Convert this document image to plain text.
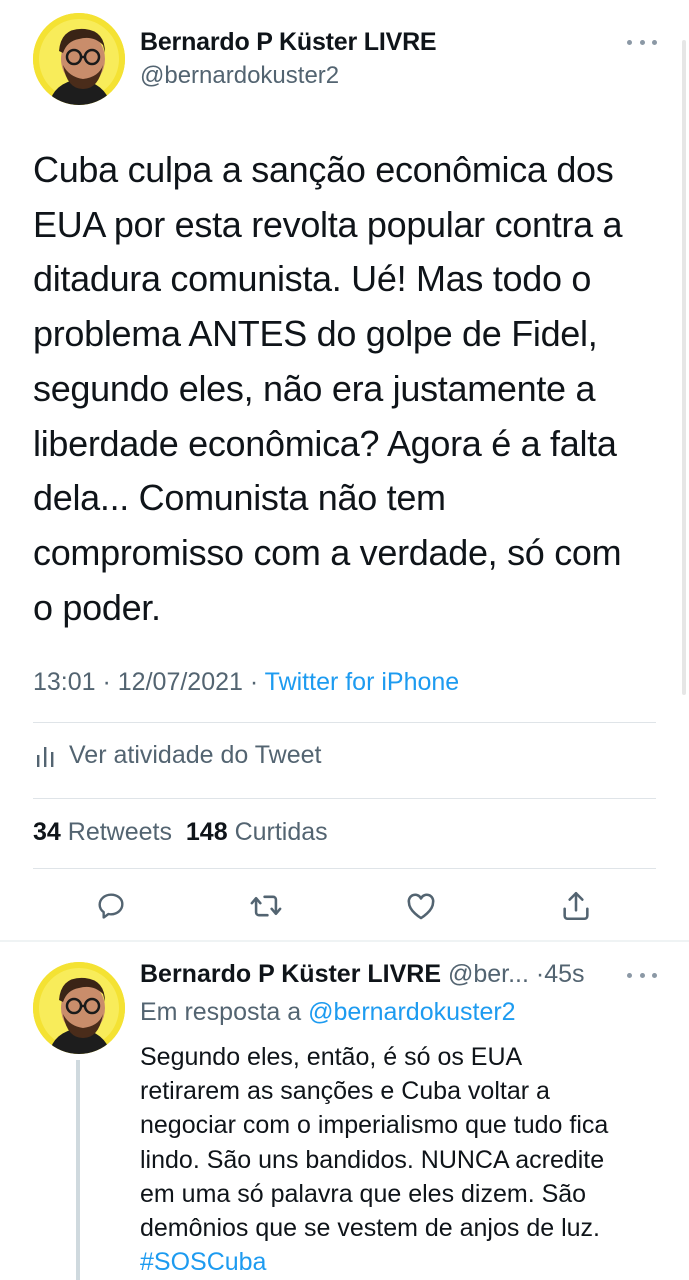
Bernardo P Küster LIVRE
@bernardokuster2
Cuba culpa a sanção econômica dos
EUA por esta revolta popular contra a
ditadura comunista. Ué! Mas todo o
problema ANTES do golpe de Fidel,
segundo eles, não era justamente a
liberdade econômica? Agora é a falta
dela... Comunista não tem
compromisso com a verdade, só com
o poder.
13:01 · 12/07/2021 · Twitter for iPhone
Ver atividade do Tweet
34 Retweets 148 Curtidas
Bernardo P Küster LIVRE @ber... ·45s
Em resposta a @bernardokuster2
Segundo eles, então, é só os EUA
retirarem as sanções e Cuba voltar a
negociar com o imperialismo que tudo fica
lindo. São uns bandidos. NUNCA acredite
em uma só palavra que eles dizem. São
demônios que se vestem de anjos de luz.
#SOSCuba
